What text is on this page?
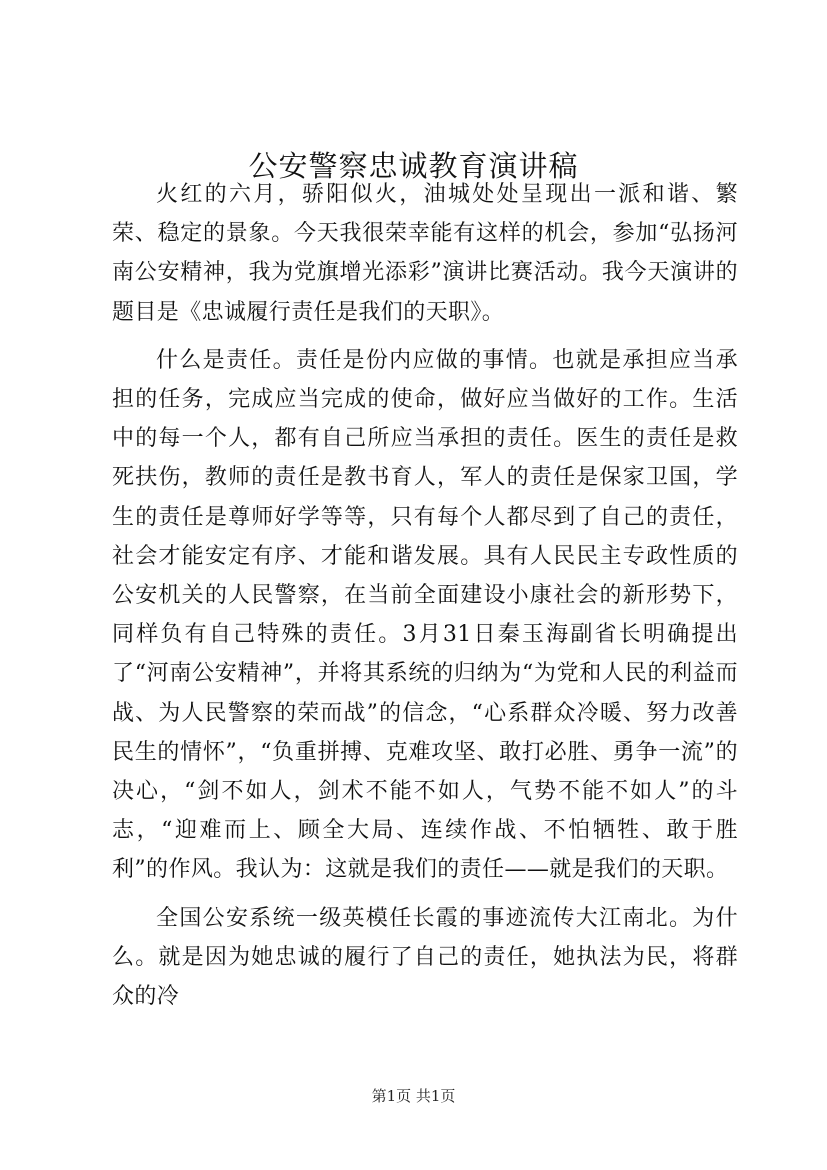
公安警察忠诚教育演讲稿

火红的六月，骄阳似火，油城处处呈现出一派和谐、繁荣、稳定的景象。今天我很荣幸能有这样的机会，参加“弘扬河南公安精神，我为党旗增光添彩”演讲比赛活动。我今天演讲的题目是《忠诚履行责任是我们的天职》。

什么是责任。责任是份内应做的事情。也就是承担应当承担的任务，完成应当完成的使命，做好应当做好的工作。生活中的每一个人，都有自己所应当承担的责任。医生的责任是救死扶伤，教师的责任是教书育人，军人的责任是保家卫国，学生的责任是尊师好学等等，只有每个人都尽到了自己的责任，社会才能安定有序、才能和谐发展。具有人民民主专政性质的公安机关的人民警察，在当前全面建设小康社会的新形势下，同样负有自己特殊的责任。3月31日秦玉海副省长明确提出了“河南公安精神”，并将其系统的归纳为“为党和人民的利益而战、为人民警察的荣而战”的信念，“心系群众冷暖、努力改善民生的情怀”，“负重拼搏、克难攻坚、敢打必胜、勇争一流”的决心，“剑不如人，剑术不能不如人，气势不能不如人”的斗志，“迎难而上、顾全大局、连续作战、不怕牺牲、敢于胜利”的作风。我认为：这就是我们的责任——就是我们的天职。

全国公安系统一级英模任长霞的事迹流传大江南北。为什么。就是因为她忠诚的履行了自己的责任，她执法为民，将群众的冷

第1页 共1页
